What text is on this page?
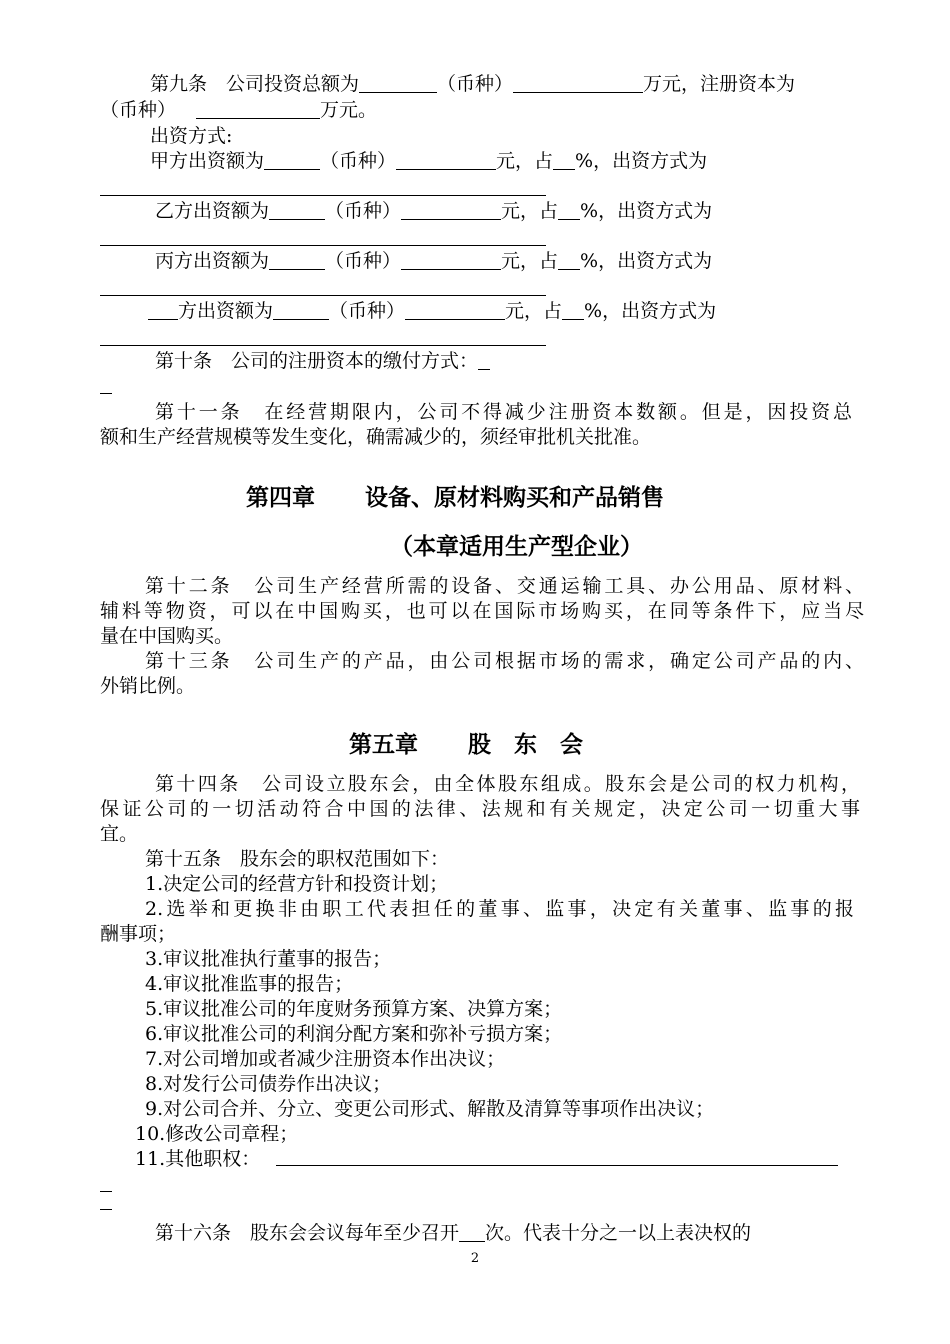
第九条　公司投资总额为	（币种）	万元，注册资本为
（币种）	万元。
出资方式:
甲方出资额为	（币种）	元，占 %，出资方式为
乙方出资额为	（币种）	元，占 %，出资方式为
丙方出资额为	（币种）	元，占 %，出资方式为
方出资额为	（币种）	元，占 %，出资方式为
第十条　公司的注册资本的缴付方式：
第十一条　在经营期限内，公司不得减少注册资本数额。但是，因投资总
额和生产经营规模等发生变化，确需减少的，须经审批机关批准。
第四章 设备、原材料购买和产品销售
（本章适用生产型企业）
第十二条　公司生产经营所需的设备、交通运输工具、办公用品、原材料、
辅料等物资，可以在中国购买，也可以在国际市场购买，在同等条件下，应当尽
量在中国购买。
第十三条　公司生产的产品，由公司根据市场的需求，确定公司产品的内、
外销比例。
第五章 股　东　会
第十四条　公司设立股东会，由全体股东组成。股东会是公司的权力机构，
保证公司的一切活动符合中国的法律、法规和有关规定，决定公司一切重大事
宜。
第十五条　股东会的职权范围如下：
1.决定公司的经营方针和投资计划；
2.选举和更换非由职工代表担任的董事、监事，决定有关董事、监事的报
酬事项；
3.审议批准执行董事的报告；
4.审议批准监事的报告；
5.审议批准公司的年度财务预算方案、决算方案；
6.审议批准公司的利润分配方案和弥补亏损方案；
7.对公司增加或者减少注册资本作出决议；
8.对发行公司债券作出决议；
9.对公司合并、分立、变更公司形式、解散及清算等事项作出决议；
10.修改公司章程；
11.其他职权：
第十六条　股东会会议每年至少召开 次。代表十分之一以上表决权的
2
